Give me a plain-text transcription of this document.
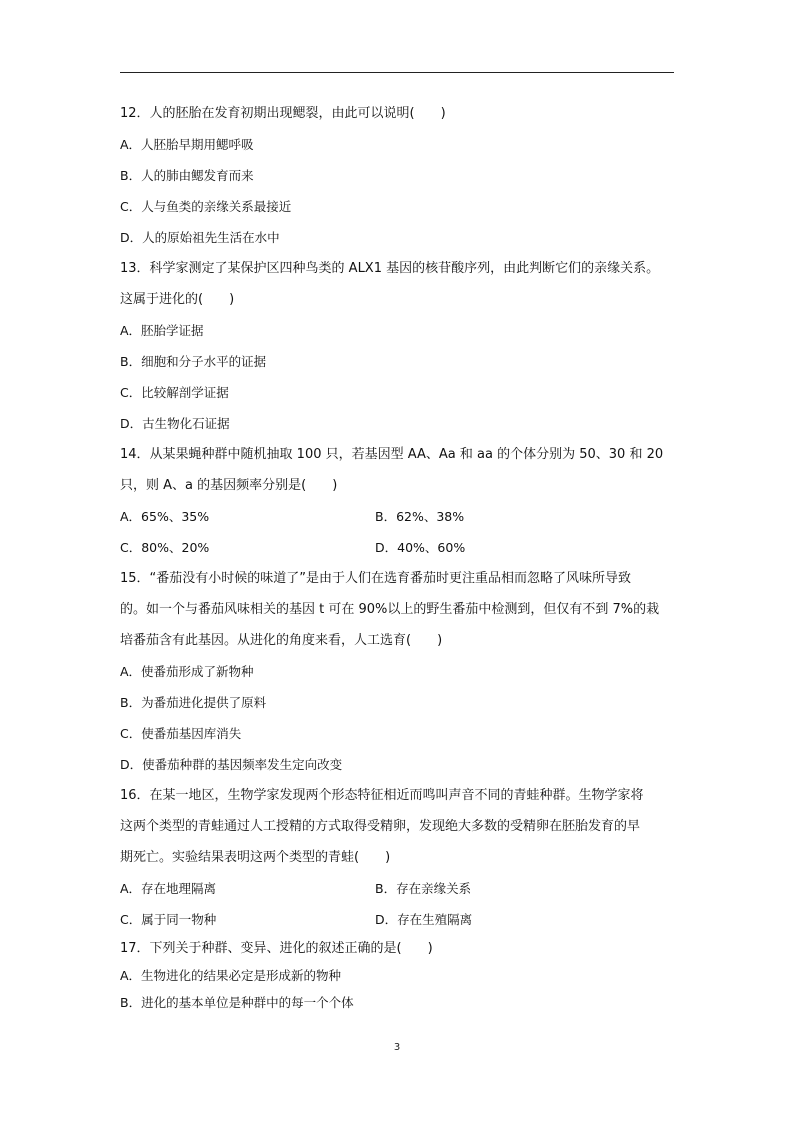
12．人的胚胎在发育初期出现鳃裂，由此可以说明(　　)
A．人胚胎早期用鳃呼吸
B．人的肺由鳃发育而来
C．人与鱼类的亲缘关系最接近
D．人的原始祖先生活在水中
13．科学家测定了某保护区四种鸟类的 ALX1 基因的核苷酸序列，由此判断它们的亲缘关系。
这属于进化的(　　)
A．胚胎学证据
B．细胞和分子水平的证据
C．比较解剖学证据
D．古生物化石证据
14．从某果蝇种群中随机抽取 100 只，若基因型 AA、Aa 和 aa 的个体分别为 50、30 和 20
只，则 A、a 的基因频率分别是(　　)
A．65%、35%	B．62%、38%
C．80%、20%	D．40%、60%
15．“番茄没有小时候的味道了”是由于人们在选育番茄时更注重品相而忽略了风味所导致
的。如一个与番茄风味相关的基因 t 可在 90%以上的野生番茄中检测到，但仅有不到 7%的栽
培番茄含有此基因。从进化的角度来看，人工选育(　　)
A．使番茄形成了新物种
B．为番茄进化提供了原料
C．使番茄基因库消失
D．使番茄种群的基因频率发生定向改变
16．在某一地区，生物学家发现两个形态特征相近而鸣叫声音不同的青蛙种群。生物学家将
这两个类型的青蛙通过人工授精的方式取得受精卵，发现绝大多数的受精卵在胚胎发育的早
期死亡。实验结果表明这两个类型的青蛙(　　)
A．存在地理隔离	B．存在亲缘关系
C．属于同一物种	D．存在生殖隔离
17．下列关于种群、变异、进化的叙述正确的是(　　)
A．生物进化的结果必定是形成新的物种
B．进化的基本单位是种群中的每一个个体
3
